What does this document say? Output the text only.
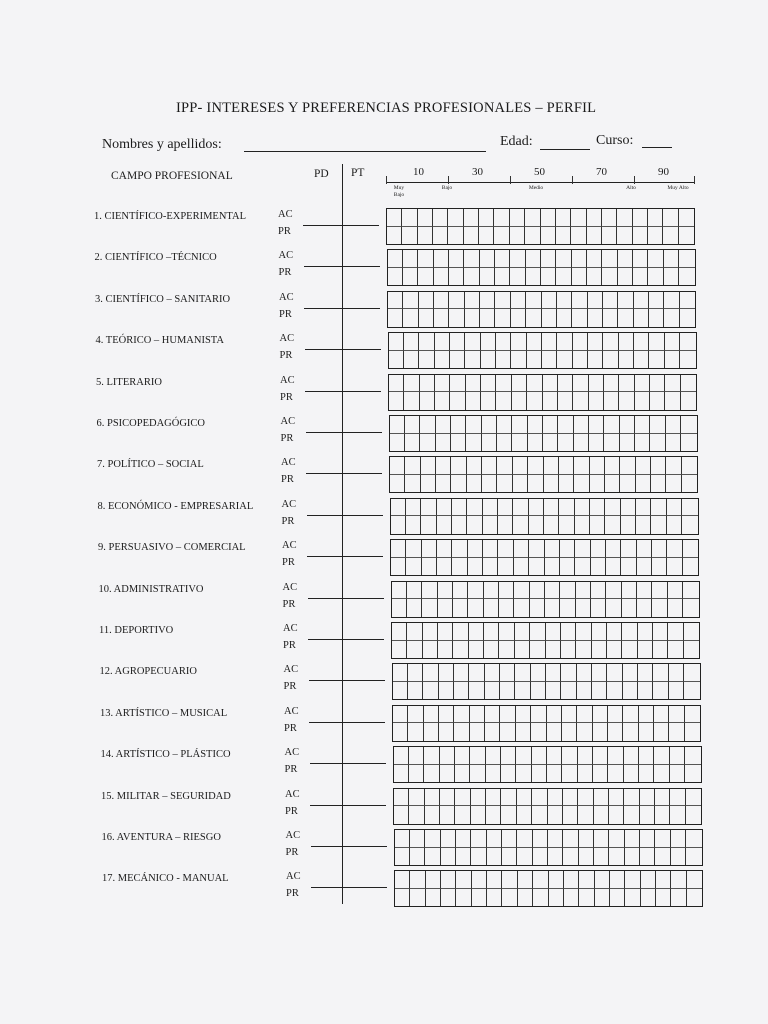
IPP- INTERESES Y PREFERENCIAS PROFESIONALES – PERFIL
Nombres y apellidos:	Edad:	Curso:
CAMPO PROFESIONAL	PD PT	10	30	50	70	90
Muy Bajo
Bajo	Medio	Alto	Muy Alto
1. CIENTÍFICO-EXPERIMENTAL	AC
PR
2. CIENTÍFICO –TÉCNICO	AC
PR
3. CIENTÍFICO – SANITARIO	AC
PR
4. TEÓRICO – HUMANISTA	AC
PR
5. LITERARIO	AC
PR
6. PSICOPEDAGÓGICO	AC
PR
7. POLÍTICO – SOCIAL	AC
PR
8. ECONÓMICO - EMPRESARIAL	AC
PR
9. PERSUASIVO – COMERCIAL	AC
PR
10. ADMINISTRATIVO	AC
PR
11. DEPORTIVO	AC
PR
12. AGROPECUARIO	AC
PR
13. ARTÍSTICO – MUSICAL	AC
PR
14. ARTÍSTICO – PLÁSTICO	AC
PR
15. MILITAR – SEGURIDAD	AC
PR
16. AVENTURA – RIESGO	AC
PR
17. MECÁNICO - MANUAL	AC
PR
